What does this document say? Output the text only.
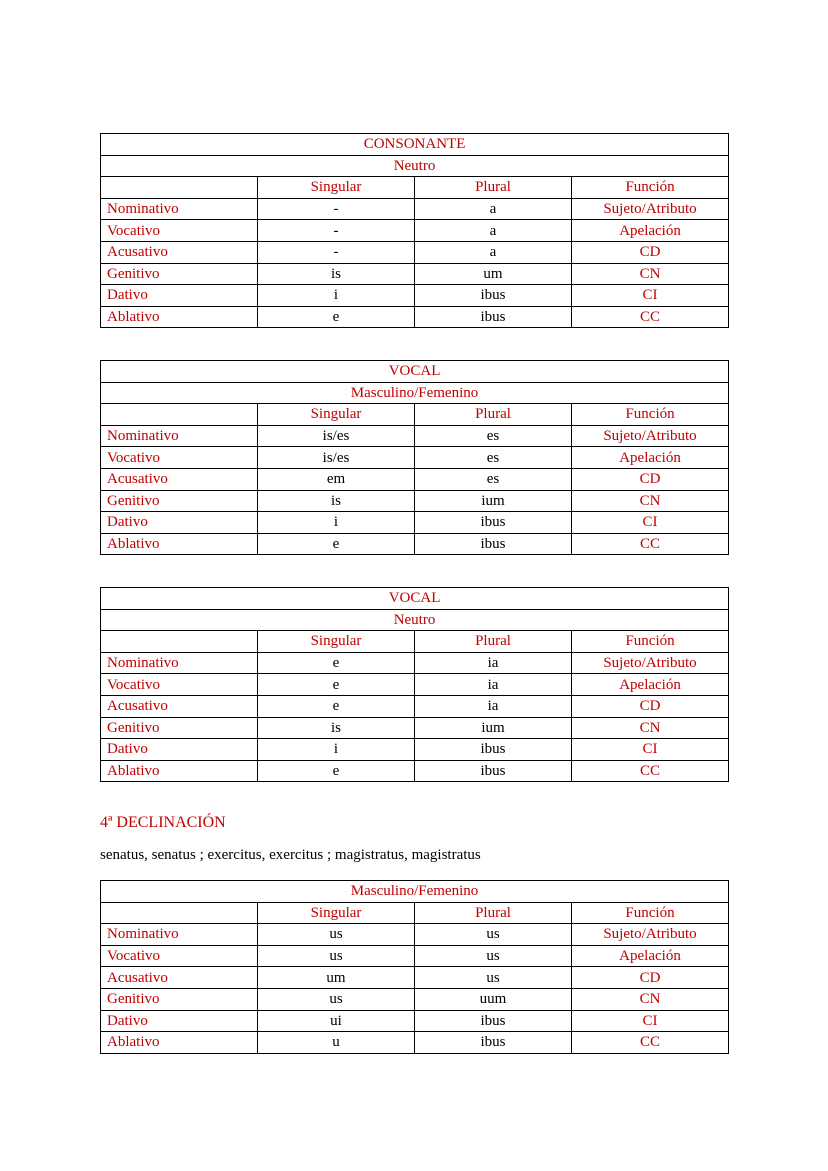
CONSONANTE			
Neutro			
	Singular	Plural	Función
Nominativo	-	a	Sujeto/Atributo
Vocativo	-	a	Apelación
Acusativo	-	a	CD
Genitivo	is	um	CN
Dativo	i	ibus	CI
Ablativo	e	ibus	CC
VOCAL			
Masculino/Femenino			
	Singular	Plural	Función
Nominativo	is/es	es	Sujeto/Atributo
Vocativo	is/es	es	Apelación
Acusativo	em	es	CD
Genitivo	is	ium	CN
Dativo	i	ibus	CI
Ablativo	e	ibus	CC
VOCAL			
Neutro			
	Singular	Plural	Función
Nominativo	e	ia	Sujeto/Atributo
Vocativo	e	ia	Apelación
Acusativo	e	ia	CD
Genitivo	is	ium	CN
Dativo	i	ibus	CI
Ablativo	e	ibus	CC
4ª DECLINACIÓN
senatus, senatus ; exercitus, exercitus ; magistratus, magistratus
Masculino/Femenino			
	Singular	Plural	Función
Nominativo	us	us	Sujeto/Atributo
Vocativo	us	us	Apelación
Acusativo	um	us	CD
Genitivo	us	uum	CN
Dativo	ui	ibus	CI
Ablativo	u	ibus	CC
